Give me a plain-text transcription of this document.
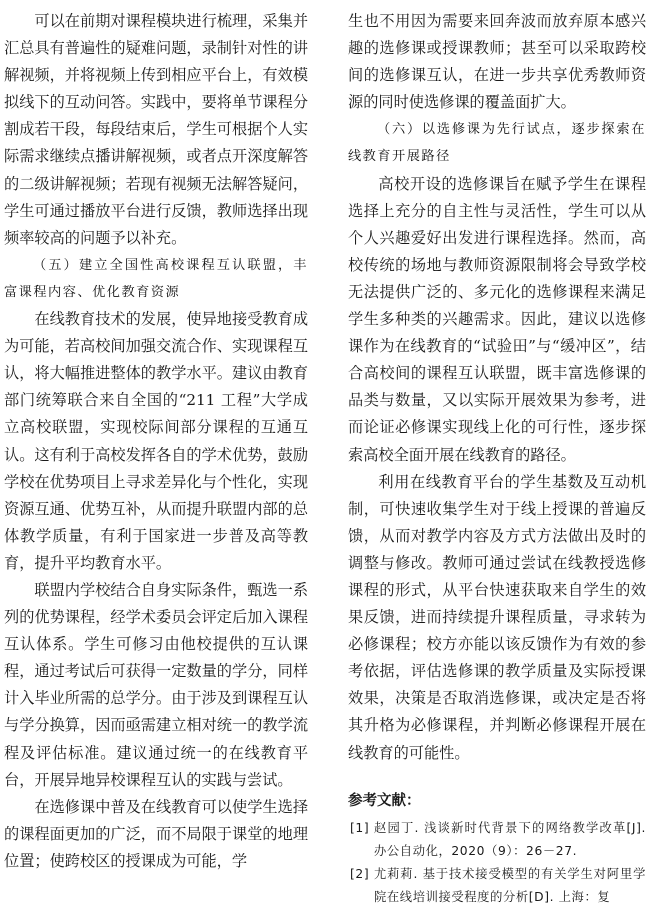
可以在前期对课程模块进行梳理，采集并汇总具有普遍性的疑难问题，录制针对性的讲解视频，并将视频上传到相应平台上，有效模拟线下的互动问答。实践中，要将单节课程分割成若干段，每段结束后，学生可根据个人实际需求继续点播讲解视频，或者点开深度解答的二级讲解视频；若现有视频无法解答疑问，学生可通过播放平台进行反馈，教师选择出现频率较高的问题予以补充。

（五）建立全国性高校课程互认联盟，丰富课程内容、优化教育资源

在线教育技术的发展，使异地接受教育成为可能，若高校间加强交流合作、实现课程互认，将大幅推进整体的教学水平。建议由教育部门统筹联合来自全国的“211 工程”大学成立高校联盟，实现校际间部分课程的互通互认。这有利于高校发挥各自的学术优势，鼓励学校在优势项目上寻求差异化与个性化，实现资源互通、优势互补，从而提升联盟内部的总体教学质量，有利于国家进一步普及高等教育，提升平均教育水平。

联盟内学校结合自身实际条件，甄选一系列的优势课程，经学术委员会评定后加入课程互认体系。学生可修习由他校提供的互认课程，通过考试后可获得一定数量的学分，同样计入毕业所需的总学分。由于涉及到课程互认与学分换算，因而亟需建立相对统一的教学流程及评估标准。建议通过统一的在线教育平台，开展异地异校课程互认的实践与尝试。

在选修课中普及在线教育可以使学生选择的课程面更加的广泛，而不局限于课堂的地理位置；使跨校区的授课成为可能，学

生也不用因为需要来回奔波而放弃原本感兴趣的选修课或授课教师；甚至可以采取跨校间的选修课互认，在进一步共享优秀教师资源的同时使选修课的覆盖面扩大。

（六）以选修课为先行试点，逐步探索在线教育开展路径

高校开设的选修课旨在赋予学生在课程选择上充分的自主性与灵活性，学生可以从个人兴趣爱好出发进行课程选择。然而，高校传统的场地与教师资源限制将会导致学校无法提供广泛的、多元化的选修课程来满足学生多种类的兴趣需求。因此，建议以选修课作为在线教育的“试验田”与“缓冲区”，结合高校间的课程互认联盟，既丰富选修课的品类与数量，又以实际开展效果为参考，进而论证必修课实现线上化的可行性，逐步探索高校全面开展在线教育的路径。

利用在线教育平台的学生基数及互动机制，可快速收集学生对于线上授课的普遍反馈，从而对教学内容及方式方法做出及时的调整与修改。教师可通过尝试在线教授选修课程的形式，从平台快速获取来自学生的效果反馈，进而持续提升课程质量，寻求转为必修课程；校方亦能以该反馈作为有效的参考依据，评估选修课的教学质量及实际授课效果，决策是否取消选修课，或决定是否将其升格为必修课程，并判断必修课程开展在线教育的可能性。

参考文献：
[1] 赵园丁. 浅谈新时代背景下的网络教学改革[J]. 办公自动化，2020（9）：26－27.
[2] 尤莉莉. 基于技术接受模型的有关学生对阿里学院在线培训接受程度的分析[D]. 上海：复
